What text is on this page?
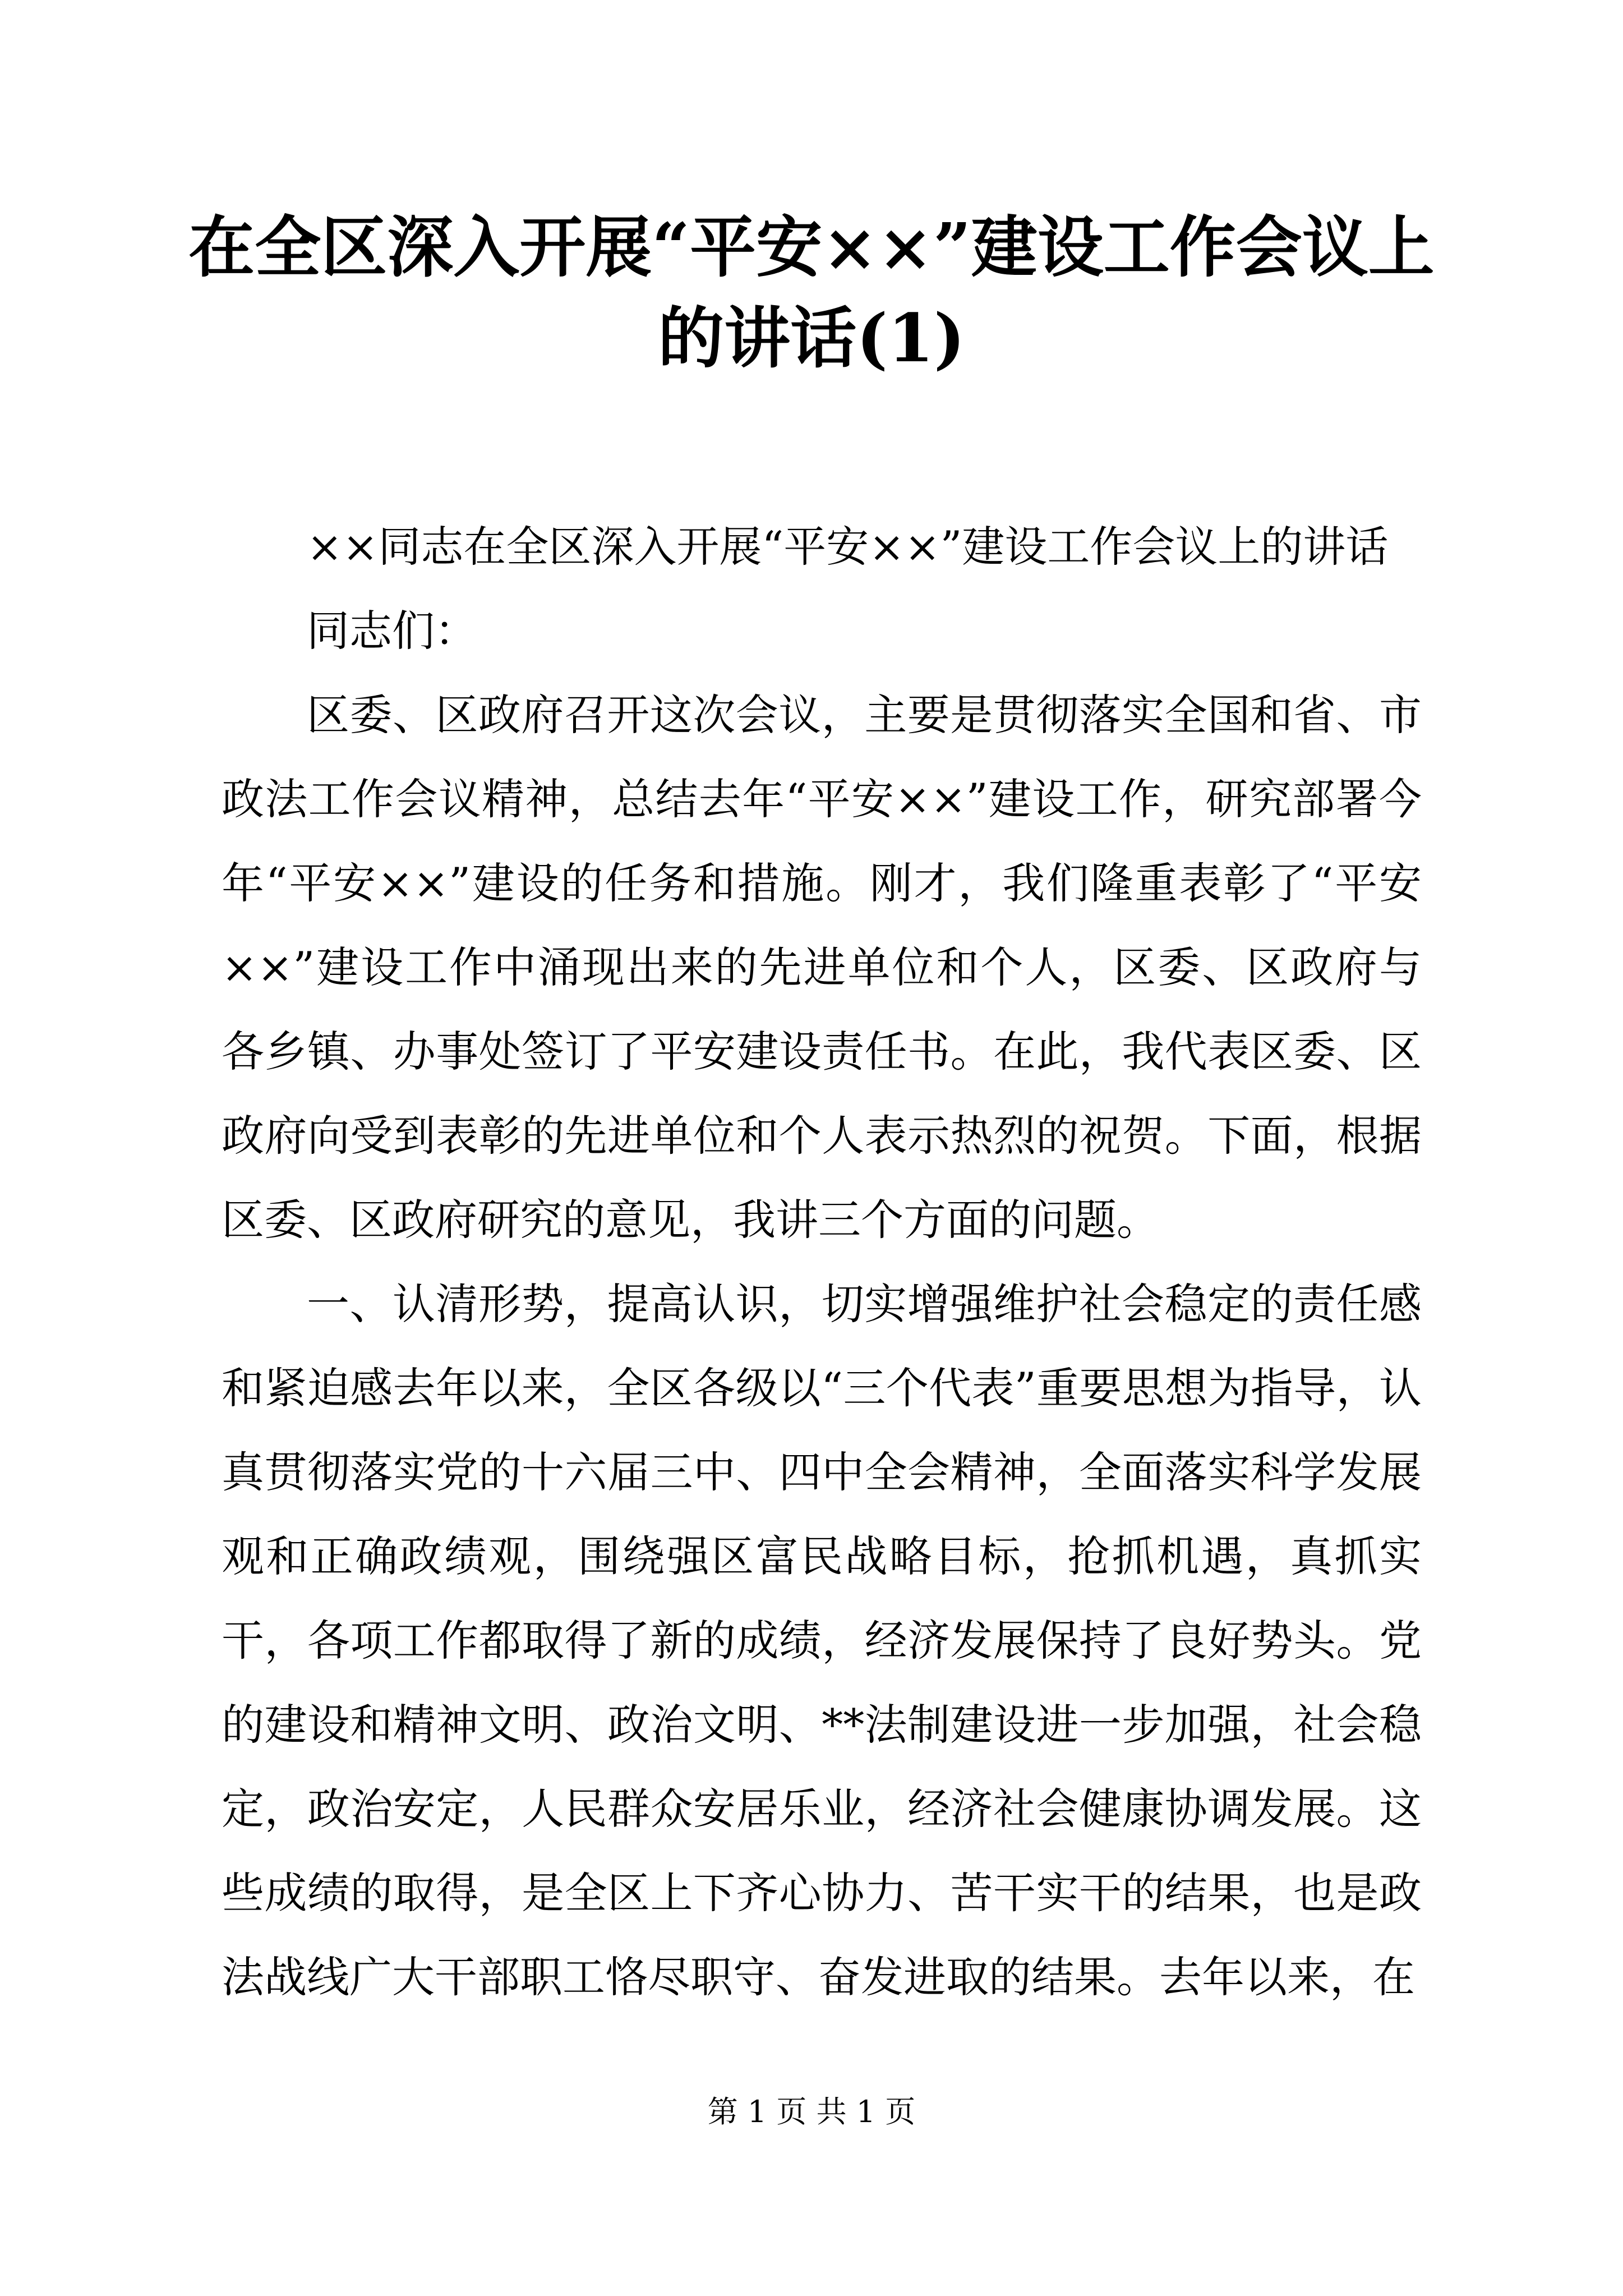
在全区深入开展“平安××”建设工作会议上
的讲话(1)

××同志在全区深入开展“平安××”建设工作会议上的讲话

同志们：

区委、区政府召开这次会议，主要是贯彻落实全国和省、市政法工作会议精神，总结去年“平安××”建设工作，研究部署今年“平安××”建设的任务和措施。刚才，我们隆重表彰了“平安××”建设工作中涌现出来的先进单位和个人，区委、区政府与各乡镇、办事处签订了平安建设责任书。在此，我代表区委、区政府向受到表彰的先进单位和个人表示热烈的祝贺。下面，根据区委、区政府研究的意见，我讲三个方面的问题。

一、认清形势，提高认识，切实增强维护社会稳定的责任感和紧迫感去年以来，全区各级以“三个代表”重要思想为指导，认真贯彻落实党的十六届三中、四中全会精神，全面落实科学发展观和正确政绩观，围绕强区富民战略目标，抢抓机遇，真抓实干，各项工作都取得了新的成绩，经济发展保持了良好势头。党的建设和精神文明、政治文明、**法制建设进一步加强，社会稳定，政治安定，人民群众安居乐业，经济社会健康协调发展。这些成绩的取得，是全区上下齐心协力、苦干实干的结果，也是政法战线广大干部职工恪尽职守、奋发进取的结果。去年以来，在

第 1 页 共 1 页
